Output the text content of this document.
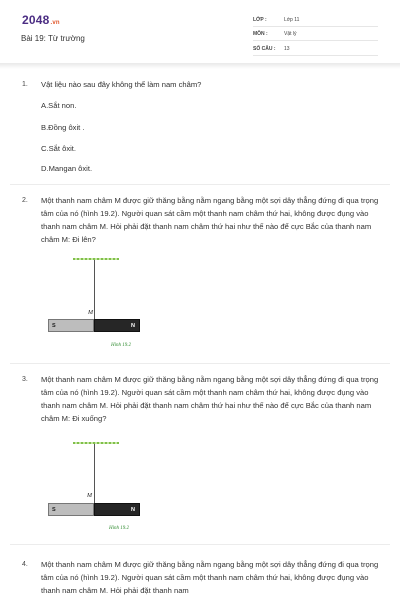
2048.vn
Bài 19: Từ trường
LỚP :	Lớp 11
MÔN :	Vật lý
SỐ CÂU : 13
1. Vật liệu nào sau đây không thể làm nam châm?
A.Sắt non.
B.Đồng ôxit .
C.Sắt ôxit.
D.Mangan ôxit.
2. Một thanh nam châm M được giữ thăng bằng nằm ngang bằng một sợi dây thẳng đứng đi qua trọng tâm của nó (hình 19.2). Người quan sát cầm một thanh nam châm thứ hai, không được đụng vào thanh nam châm M. Hỏi phải đặt thanh nam châm thứ hai như thế nào để cực Bắc của thanh nam châm M: Đi lên?
M
S	N
Hình 19.2
3. Một thanh nam châm M được giữ thăng bằng nằm ngang bằng một sợi dây thẳng đứng đi qua trọng tâm của nó (hình 19.2). Người quan sát cầm một thanh nam châm thứ hai, không được đụng vào thanh nam châm M. Hỏi phải đặt thanh nam châm thứ hai như thế nào để cực Bắc của thanh nam châm M: Đi xuống?
M
S	N
Hình 19.2
4. Một thanh nam châm M được giữ thăng bằng nằm ngang bằng một sợi dây thẳng đứng đi qua trọng tâm của nó (hình 19.2). Người quan sát cầm một thanh nam châm thứ hai, không được đụng vào thanh nam châm M. Hỏi phải đặt thanh nam
